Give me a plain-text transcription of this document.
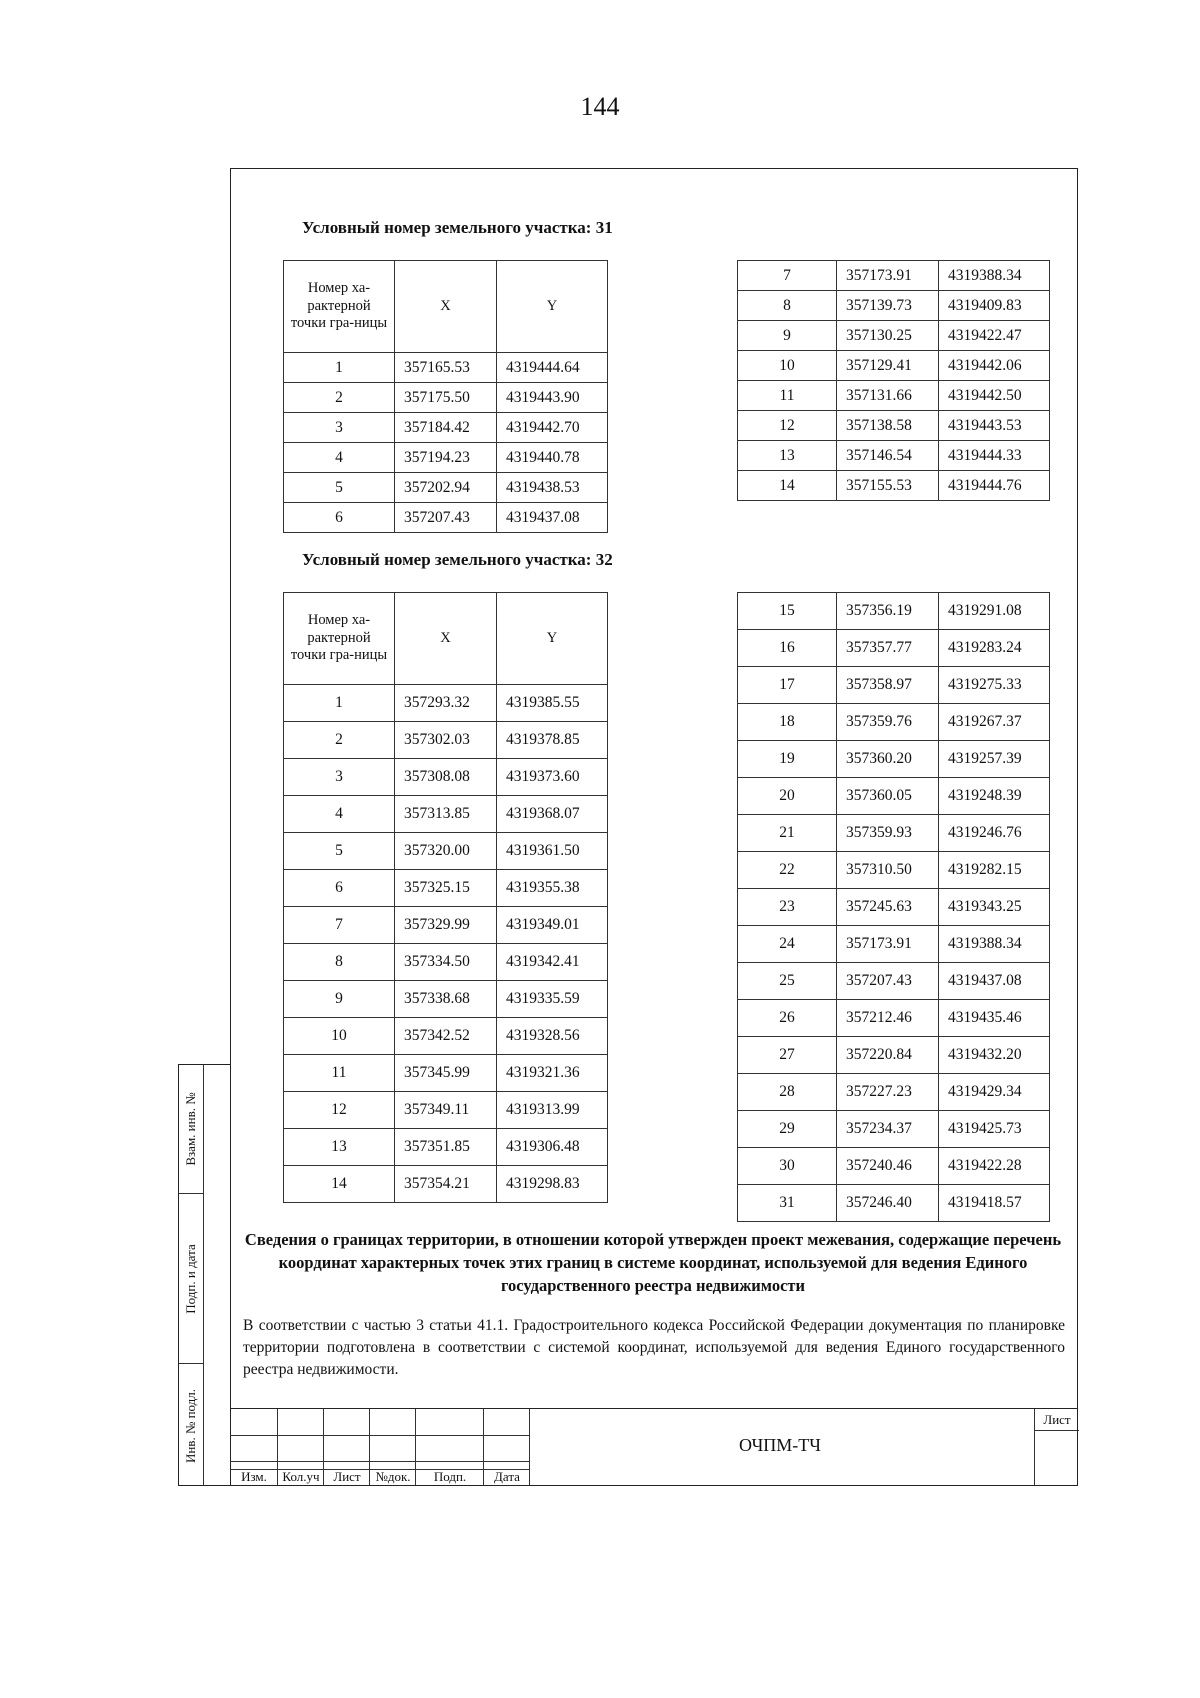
144
Условный номер земельного участка: 31
Номер ха-рактерной точки гра-ницы	X	Y
1	357165.53	4319444.64
2	357175.50	4319443.90
3	357184.42	4319442.70
4	357194.23	4319440.78
5	357202.94	4319438.53
6	357207.43	4319437.08
7	357173.91	4319388.34
8	357139.73	4319409.83
9	357130.25	4319422.47
10	357129.41	4319442.06
11	357131.66	4319442.50
12	357138.58	4319443.53
13	357146.54	4319444.33
14	357155.53	4319444.76
Условный номер земельного участка: 32
Номер ха-рактерной точки гра-ницы	X	Y
1	357293.32	4319385.55
2	357302.03	4319378.85
3	357308.08	4319373.60
4	357313.85	4319368.07
5	357320.00	4319361.50
6	357325.15	4319355.38
7	357329.99	4319349.01
8	357334.50	4319342.41
9	357338.68	4319335.59
10	357342.52	4319328.56
11	357345.99	4319321.36
12	357349.11	4319313.99
13	357351.85	4319306.48
14	357354.21	4319298.83
15	357356.19	4319291.08
16	357357.77	4319283.24
17	357358.97	4319275.33
18	357359.76	4319267.37
19	357360.20	4319257.39
20	357360.05	4319248.39
21	357359.93	4319246.76
22	357310.50	4319282.15
23	357245.63	4319343.25
24	357173.91	4319388.34
25	357207.43	4319437.08
26	357212.46	4319435.46
27	357220.84	4319432.20
28	357227.23	4319429.34
29	357234.37	4319425.73
30	357240.46	4319422.28
31	357246.40	4319418.57
Сведения о границах территории, в отношении которой утвержден проект межевания, содержащие перечень координат характерных точек этих границ в системе координат, используемой для ведения Единого государственного реестра недвижимости
В соответствии с частью 3 статьи 41.1. Градостроительного кодекса Российской Федерации документация по планировке территории подготовлена в соответствии с системой координат, используемой для ведения Единого государственного реестра недвижимости.
Взам. инв. №
Подп. и дата
Инв. № подл.
Изм.	Кол.уч	Лист	№док.	Подп.	Дата
ОЧПМ-ТЧ
Лист
